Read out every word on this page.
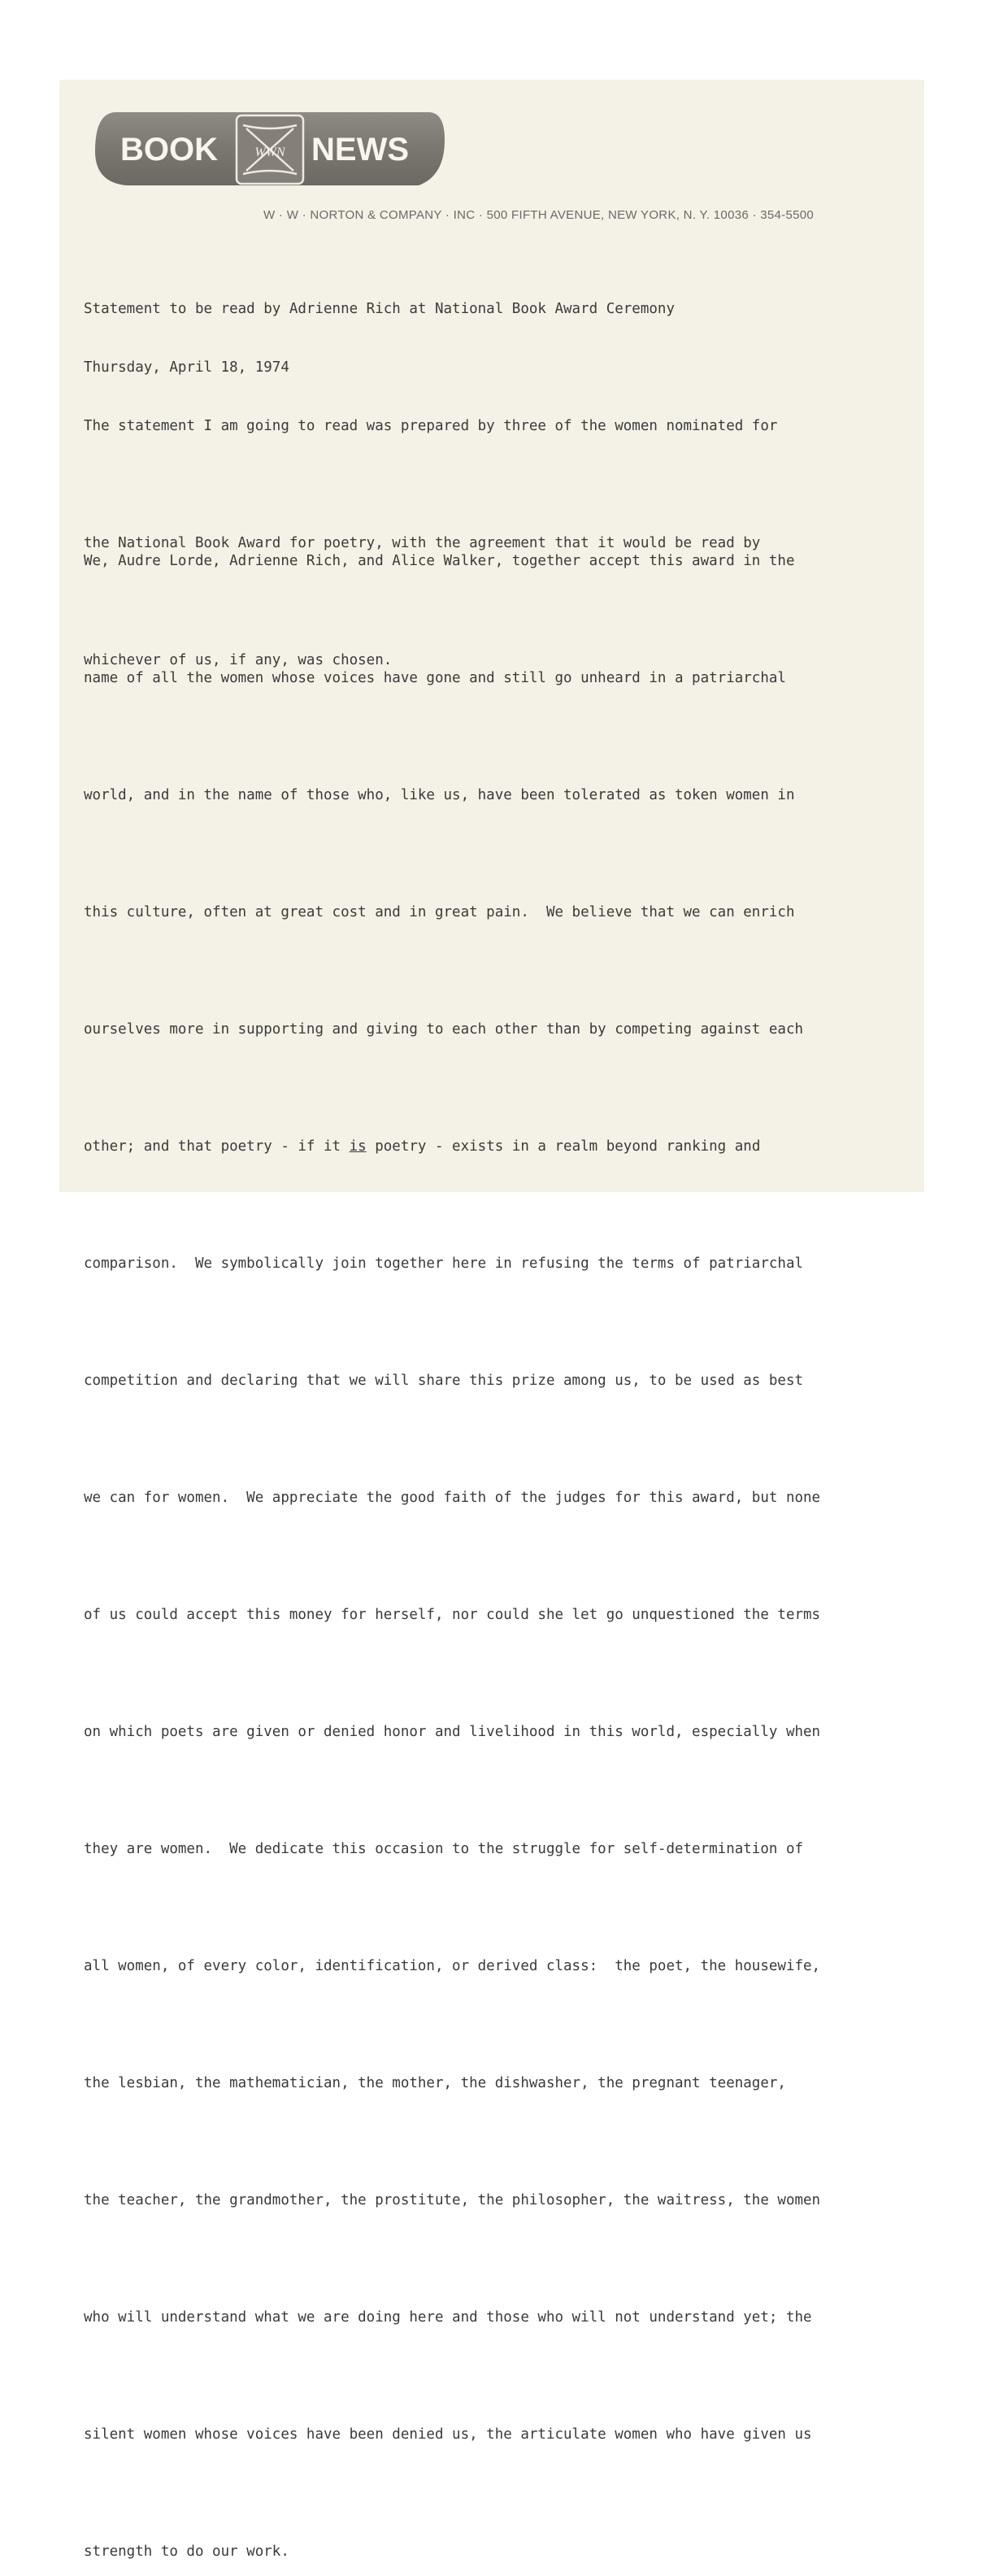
BOOK	WWN NEWS
W · W · NORTON & COMPANY · INC · 500 FIFTH AVENUE, NEW YORK, N. Y. 10036 · 354-5500

Statement to be read by Adrienne Rich at National Book Award Ceremony

Thursday, April 18, 1974

The statement I am going to read was prepared by three of the women nominated for

the National Book Award for poetry, with the agreement that it would be read by

whichever of us, if any, was chosen.

We, Audre Lorde, Adrienne Rich, and Alice Walker, together accept this award in the

name of all the women whose voices have gone and still go unheard in a patriarchal

world, and in the name of those who, like us, have been tolerated as token women in

this culture, often at great cost and in great pain.  We believe that we can enrich

ourselves more in supporting and giving to each other than by competing against each

other; and that poetry - if it is poetry - exists in a realm beyond ranking and

comparison.  We symbolically join together here in refusing the terms of patriarchal

competition and declaring that we will share this prize among us, to be used as best

we can for women.  We appreciate the good faith of the judges for this award, but none

of us could accept this money for herself, nor could she let go unquestioned the terms

on which poets are given or denied honor and livelihood in this world, especially when

they are women.  We dedicate this occasion to the struggle for self-determination of

all women, of every color, identification, or derived class:  the poet, the housewife,

the lesbian, the mathematician, the mother, the dishwasher, the pregnant teenager,

the teacher, the grandmother, the prostitute, the philosopher, the waitress, the women

who will understand what we are doing here and those who will not understand yet; the

silent women whose voices have been denied us, the articulate women who have given us

strength to do our work.
